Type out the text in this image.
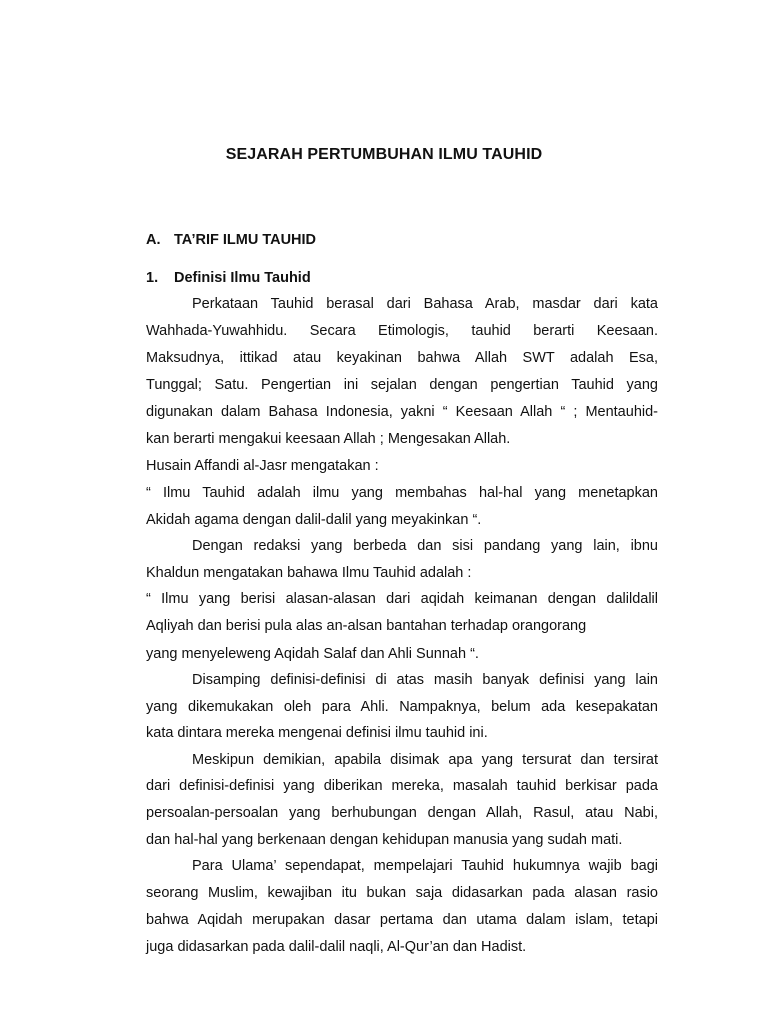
SEJARAH PERTUMBUHAN ILMU TAUHID
A. TA’RIF ILMU TAUHID
1. Definisi Ilmu Tauhid

Perkataan Tauhid berasal dari Bahasa Arab, masdar dari kata

Wahhada-Yuwahhidu. Secara Etimologis, tauhid berarti Keesaan.

Maksudnya, ittikad atau keyakinan bahwa Allah SWT adalah Esa,

Tunggal; Satu. Pengertian ini sejalan dengan pengertian Tauhid yang

digunakan dalam Bahasa Indonesia, yakni “ Keesaan Allah “ ; Mentauhid-

kan berarti mengakui keesaan Allah ; Mengesakan Allah.

Husain Affandi al-Jasr mengatakan :

“ Ilmu Tauhid adalah ilmu yang membahas hal-hal yang menetapkan

Akidah agama dengan dalil-dalil yang meyakinkan “.

Dengan redaksi yang berbeda dan sisi pandang yang lain, ibnu

Khaldun mengatakan bahawa Ilmu Tauhid adalah :

“ Ilmu yang berisi alasan-alasan dari aqidah keimanan dengan dalildalil

Aqliyah dan berisi pula alas an-alsan bantahan terhadap orangorang

yang menyeleweng Aqidah Salaf dan Ahli Sunnah “.

Disamping definisi-definisi di atas masih banyak definisi yang lain

yang dikemukakan oleh para Ahli. Nampaknya, belum ada kesepakatan

kata dintara mereka mengenai definisi ilmu tauhid ini.

Meskipun demikian, apabila disimak apa yang tersurat dan tersirat

dari definisi-definisi yang diberikan mereka, masalah tauhid berkisar pada

persoalan-persoalan yang berhubungan dengan Allah, Rasul, atau Nabi,

dan hal-hal yang berkenaan dengan kehidupan manusia yang sudah mati.

Para Ulama’ sependapat, mempelajari Tauhid hukumnya wajib bagi

seorang Muslim, kewajiban itu bukan saja didasarkan pada alasan rasio

bahwa Aqidah merupakan dasar pertama dan utama dalam islam, tetapi

juga didasarkan pada dalil-dalil naqli, Al-Qur’an dan Hadist.
